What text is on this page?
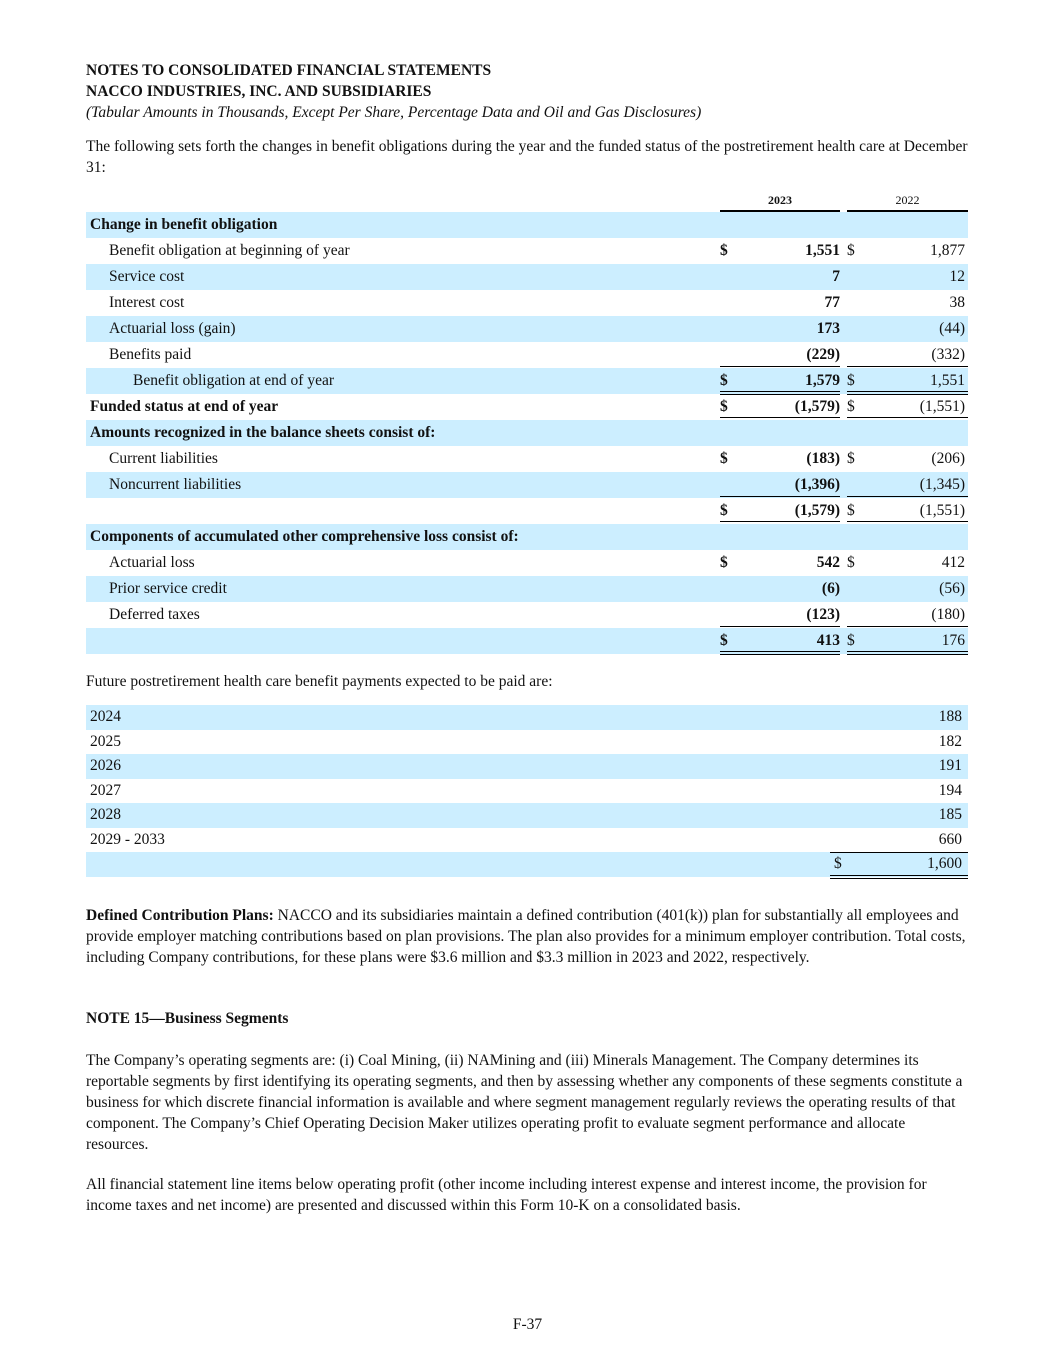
NOTES TO CONSOLIDATED FINANCIAL STATEMENTS
NACCO INDUSTRIES, INC. AND SUBSIDIARIES
(Tabular Amounts in Thousands, Except Per Share, Percentage Data and Oil and Gas Disclosures)
The following sets forth the changes in benefit obligations during the year and the funded status of the postretirement health care at December 31:
2023	2022
Change in benefit obligation
Benefit obligation at beginning of year	$	1,551 $	1,877
Service cost	7	12
Interest cost	77	38
Actuarial loss (gain)	173	(44)
Benefits paid	(229)	(332)
Benefit obligation at end of year	$	1,579 $	1,551
Funded status at end of year	$	(1,579) $	(1,551)
Amounts recognized in the balance sheets consist of:
Current liabilities	$	(183) $	(206)
Noncurrent liabilities	(1,396)	(1,345)
$	(1,579) $	(1,551)
Components of accumulated other comprehensive loss consist of:
Actuarial loss	$	542 $	412
Prior service credit	(6)	(56)
Deferred taxes	(123)	(180)
$	413 $	176
Future postretirement health care benefit payments expected to be paid are:
2024	188
2025	182
2026	191
2027	194
2028	185
2029 - 2033	660
$	1,600
Defined Contribution Plans: NACCO and its subsidiaries maintain a defined contribution (401(k)) plan for substantially all employees and provide employer matching contributions based on plan provisions. The plan also provides for a minimum employer contribution. Total costs, including Company contributions, for these plans were $3.6 million and $3.3 million in 2023 and 2022, respectively.
NOTE 15—Business Segments
The Company’s operating segments are: (i) Coal Mining, (ii) NAMining and (iii) Minerals Management. The Company determines its reportable segments by first identifying its operating segments, and then by assessing whether any components of these segments constitute a business for which discrete financial information is available and where segment management regularly reviews the operating results of that component. The Company’s Chief Operating Decision Maker utilizes operating profit to evaluate segment performance and allocate resources.
All financial statement line items below operating profit (other income including interest expense and interest income, the provision for income taxes and net income) are presented and discussed within this Form 10-K on a consolidated basis.
F-37
